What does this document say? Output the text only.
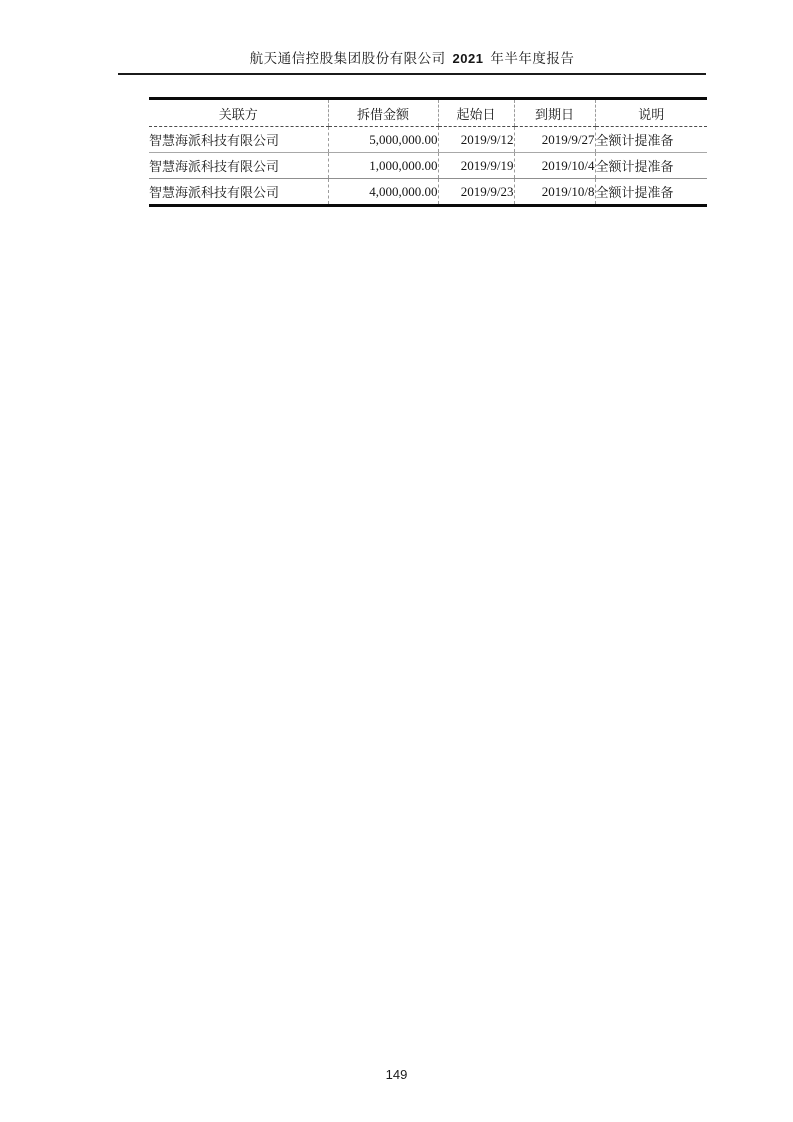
航天通信控股集团股份有限公司 2021 年半年度报告
关联方	拆借金额	起始日	到期日	说明
智慧海派科技有限公司	5,000,000.00	2019/9/12	2019/9/27	全额计提准备
智慧海派科技有限公司	1,000,000.00	2019/9/19	2019/10/4	全额计提准备
智慧海派科技有限公司	4,000,000.00	2019/9/23	2019/10/8	全额计提准备
149
